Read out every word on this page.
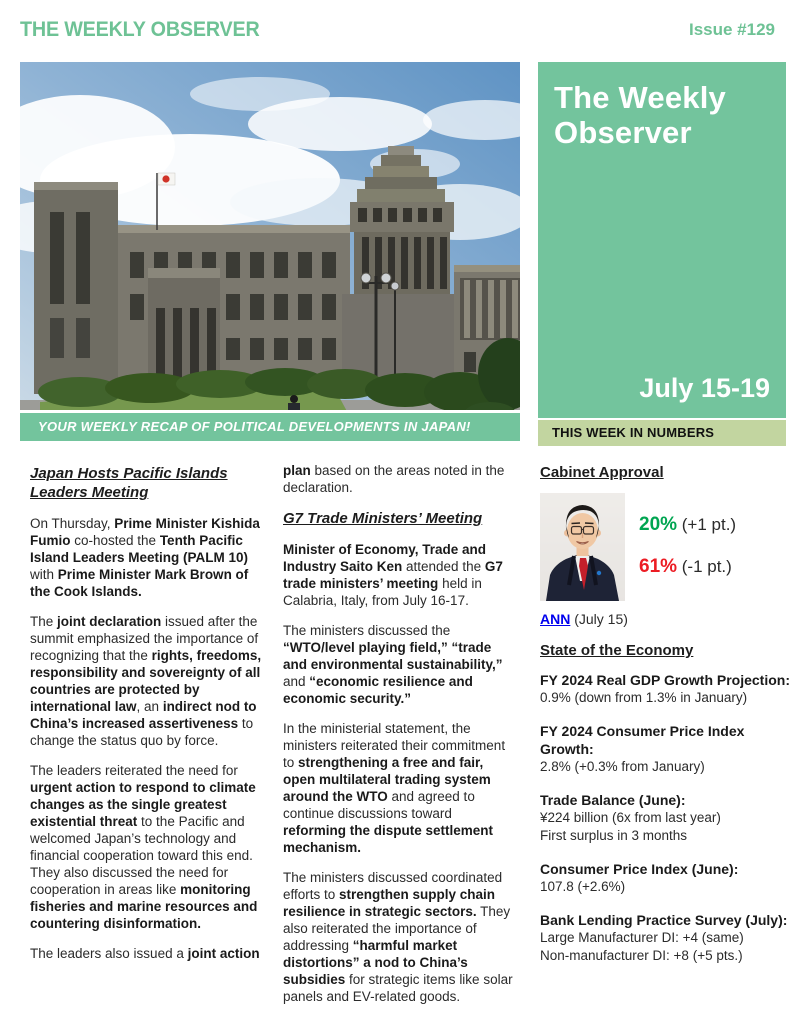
THE WEEKLY OBSERVER	Issue #129
The Weekly
Observer
July 15-19
YOUR WEEKLY RECAP OF POLITICAL DEVELOPMENTS IN JAPAN!	THIS WEEK IN NUMBERS
Japan Hosts Pacific Islands Leaders Meeting

On Thursday, Prime Minister Kishida Fumio co-hosted the Tenth Pacific Island Leaders Meeting (PALM 10) with Prime Minister Mark Brown of the Cook Islands.

The joint declaration issued after the summit emphasized the importance of recognizing that the rights, freedoms, responsibility and sovereignty of all countries are protected by international law, an indirect nod to China’s increased assertiveness to change the status quo by force.

The leaders reiterated the need for urgent action to respond to climate changes as the single greatest existential threat to the Pacific and welcomed Japan’s technology and financial cooperation toward this end. They also discussed the need for cooperation in areas like monitoring fisheries and marine resources and countering disinformation.

The leaders also issued a joint action

plan based on the areas noted in the declaration.

G7 Trade Ministers’ Meeting

Minister of Economy, Trade and Industry Saito Ken attended the G7 trade ministers’ meeting held in Calabria, Italy, from July 16-17.

The ministers discussed the “WTO/level playing field,” “trade and environmental sustainability,” and “economic resilience and economic security.”

In the ministerial statement, the ministers reiterated their commitment to strengthening a free and fair, open multilateral trading system around the WTO and agreed to continue discussions toward reforming the dispute settlement mechanism.

The ministers discussed coordinated efforts to strengthen supply chain resilience in strategic sectors. They also reiterated the importance of addressing “harmful market distortions” a nod to China’s subsidies for strategic items like solar panels and EV-related goods.

Cabinet Approval
20% (+1 pt.)
61% (-1 pt.)
ANN (July 15)
State of the Economy
FY 2024 Real GDP Growth Projection:
0.9% (down from 1.3% in January)
FY 2024 Consumer Price Index Growth:
2.8% (+0.3% from January)
Trade Balance (June):
¥224 billion (6x from last year)
First surplus in 3 months
Consumer Price Index (June):
107.8 (+2.6%)
Bank Lending Practice Survey (July):
Large Manufacturer DI: +4 (same)
Non-manufacturer DI: +8 (+5 pts.)
